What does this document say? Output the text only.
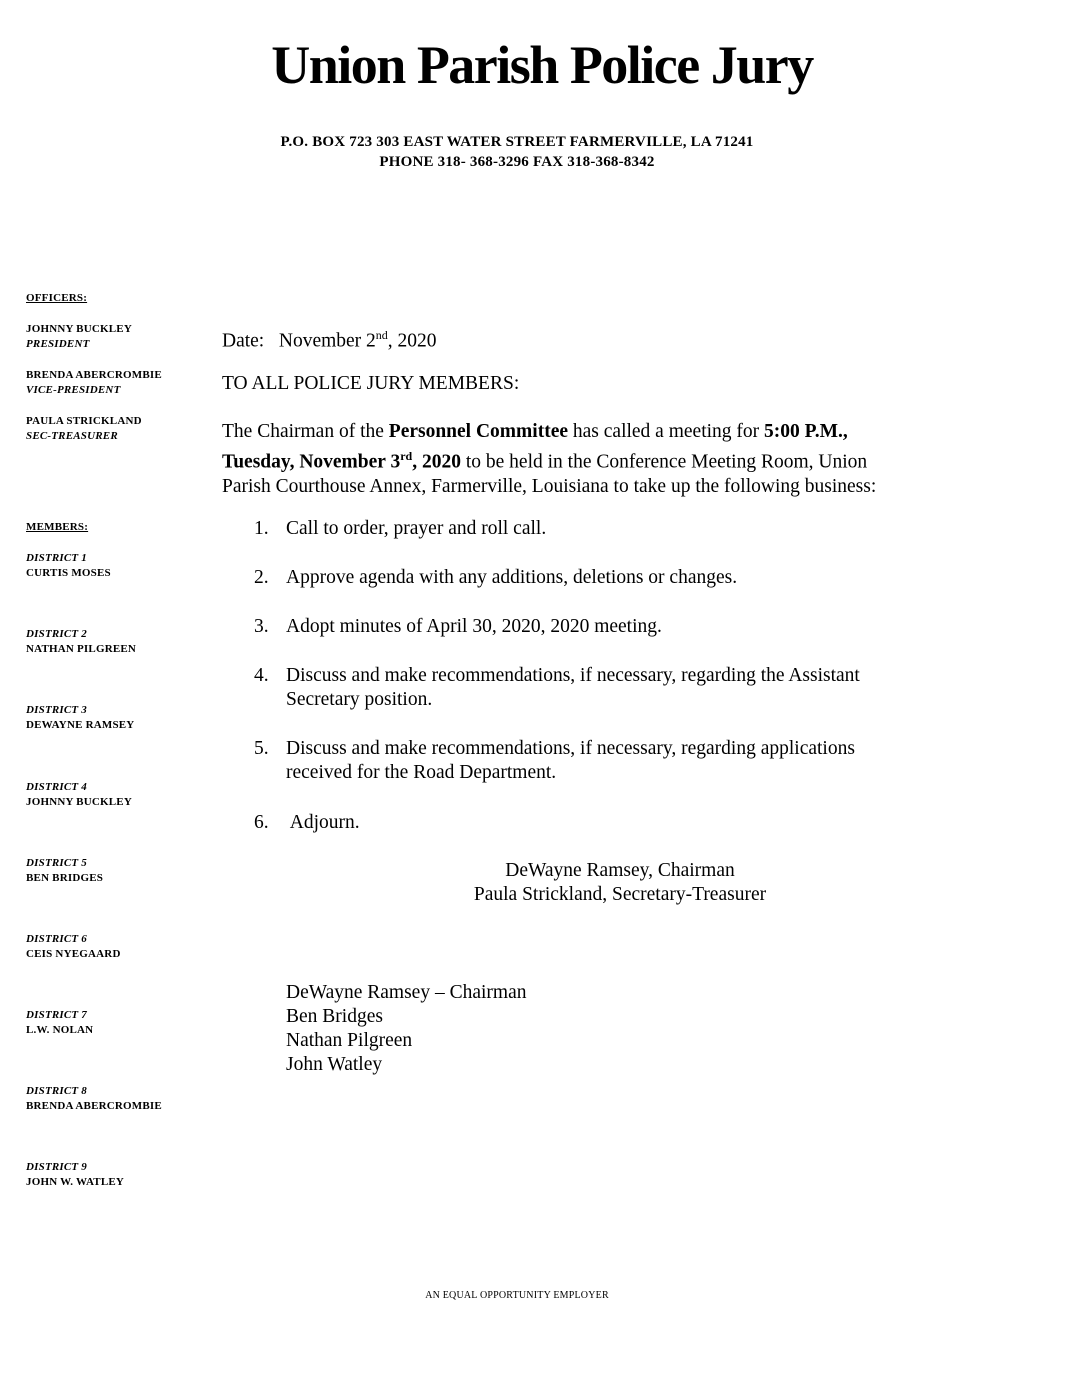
Union Parish Police Jury
P.O. BOX 723 303 EAST WATER STREET FARMERVILLE, LA 71241
PHONE 318- 368-3296 FAX 318-368-8342
OFFICERS:
JOHNNY BUCKLEY
PRESIDENT
BRENDA ABERCROMBIE
VICE-PRESIDENT
PAULA STRICKLAND
SEC-TREASURER
MEMBERS:
DISTRICT 1
CURTIS MOSES
DISTRICT 2
NATHAN PILGREEN
DISTRICT 3
DEWAYNE RAMSEY
DISTRICT 4
JOHNNY BUCKLEY
DISTRICT 5
BEN BRIDGES
DISTRICT 6
CEIS NYEGAARD
DISTRICT 7
L.W. NOLAN
DISTRICT 8
BRENDA ABERCROMBIE
DISTRICT 9
JOHN W. WATLEY
Date: November 2nd, 2020
TO ALL POLICE JURY MEMBERS:
The Chairman of the Personnel Committee has called a meeting for 5:00 P.M.,
Tuesday, November 3rd, 2020 to be held in the Conference Meeting Room, Union
Parish Courthouse Annex, Farmerville, Louisiana to take up the following business:
1. Call to order, prayer and roll call.
2. Approve agenda with any additions, deletions or changes.
3. Adopt minutes of April 30, 2020, 2020 meeting.
4. Discuss and make recommendations, if necessary, regarding the Assistant
Secretary position.
5. Discuss and make recommendations, if necessary, regarding applications
received for the Road Department.
6. Adjourn.
DeWayne Ramsey, Chairman
Paula Strickland, Secretary-Treasurer
DeWayne Ramsey – Chairman
Ben Bridges
Nathan Pilgreen
John Watley
AN EQUAL OPPORTUNITY EMPLOYER
